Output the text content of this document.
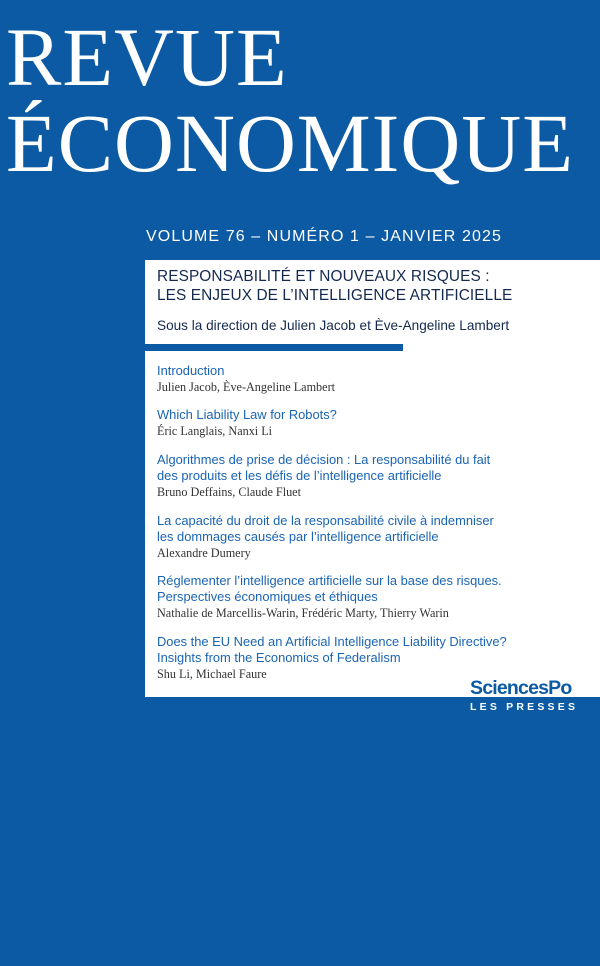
REVUE
ÉCONOMIQUE
VOLUME 76 – NUMÉRO 1 – JANVIER 2025
RESPONSABILITÉ ET NOUVEAUX RISQUES :
LES ENJEUX DE L’INTELLIGENCE ARTIFICIELLE
Sous la direction de Julien Jacob et Ève-Angeline Lambert
Introduction
Julien Jacob, Ève-Angeline Lambert
Which Liability Law for Robots?
Éric Langlais, Nanxi Li
Algorithmes de prise de décision : La responsabilité du fait
des produits et les défis de l’intelligence artificielle
Bruno Deffains, Claude Fluet
La capacité du droit de la responsabilité civile à indemniser
les dommages causés par l’intelligence artificielle
Alexandre Dumery
Réglementer l’intelligence artificielle sur la base des risques.
Perspectives économiques et éthiques
Nathalie de Marcellis-Warin, Frédéric Marty, Thierry Warin
Does the EU Need an Artificial Intelligence Liability Directive?
Insights from the Economics of Federalism
Shu Li, Michael Faure
SciencesPo
LES PRESSES
